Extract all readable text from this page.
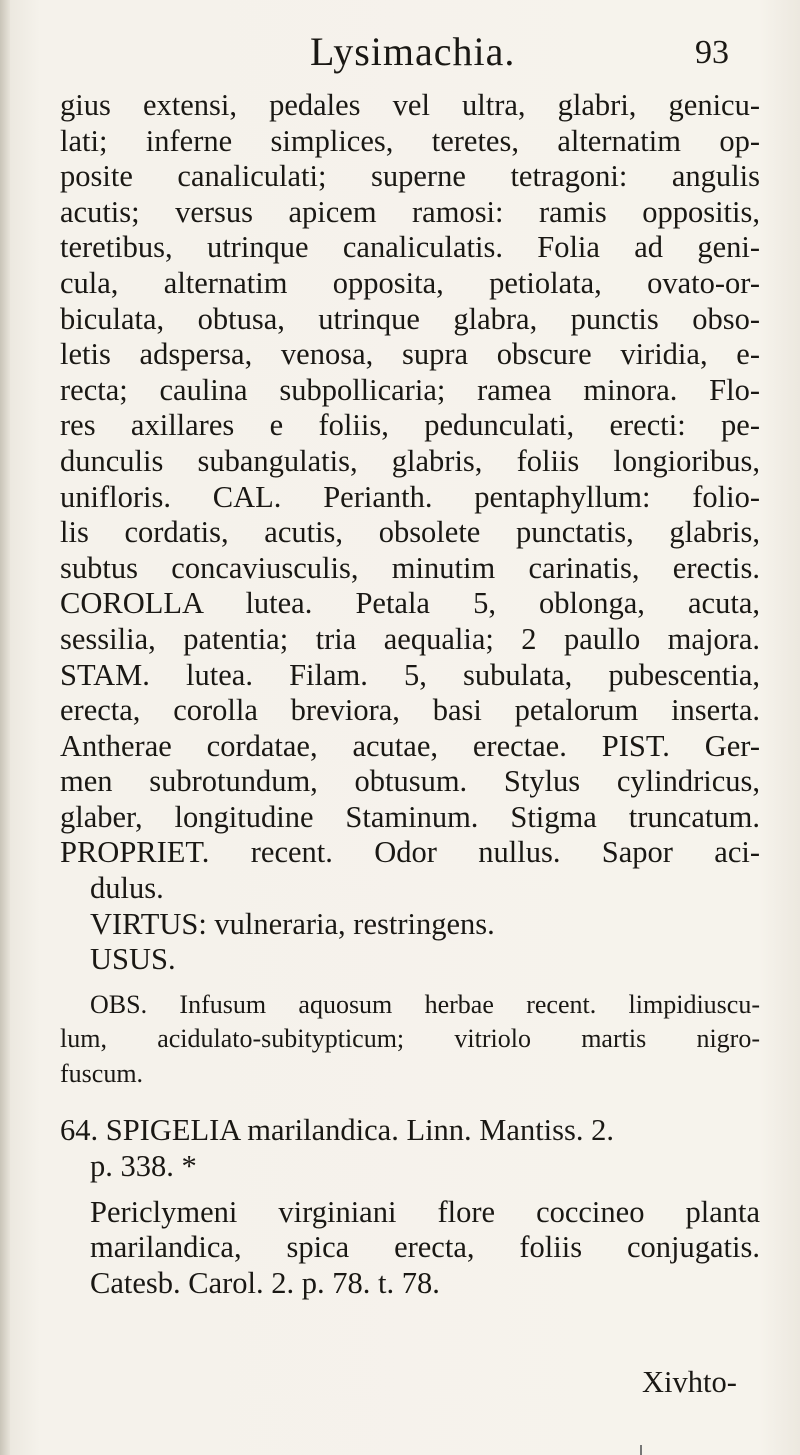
Lysimachia.	93
gius extensi, pedales vel ultra, glabri, genicu-
lati; inferne simplices, teretes, alternatim op-
posite canaliculati; superne tetragoni: angulis
acutis; versus apicem ramosi: ramis oppositis,
teretibus, utrinque canaliculatis. Folia ad geni-
cula, alternatim opposita, petiolata, ovato-or-
biculata, obtusa, utrinque glabra, punctis obso-
letis adspersa, venosa, supra obscure viridia, e-
recta; caulina subpollicaria; ramea minora. Flo-
res axillares e foliis, pedunculati, erecti: pe-
dunculis subangulatis, glabris, foliis longioribus,
unifloris. CAL. Perianth. pentaphyllum: folio-
lis cordatis, acutis, obsolete punctatis, glabris,
subtus concaviusculis, minutim carinatis, erectis.
COROLLA lutea. Petala 5, oblonga, acuta,
sessilia, patentia; tria aequalia; 2 paullo majora.
STAM. lutea. Filam. 5, subulata, pubescentia,
erecta, corolla breviora, basi petalorum inserta.
Antherae cordatae, acutae, erectae. PIST. Ger-
men subrotundum, obtusum. Stylus cylindricus,
glaber, longitudine Staminum. Stigma truncatum.
PROPRIET. recent. Odor nullus. Sapor aci-
dulus.
VIRTUS: vulneraria, restringens.
USUS.
OBS. Infusum aquosum herbae recent. limpidiuscu-
lum, acidulato-subitypticum; vitriolo martis nigro-
fuscum.
64. SPIGELIA marilandica. Linn. Mantiss. 2.
p. 338. *
Periclymeni virginiani flore coccineo planta
marilandica, spica erecta, foliis conjugatis.
Catesb. Carol. 2. p. 78. t. 78.
Xivhto-
